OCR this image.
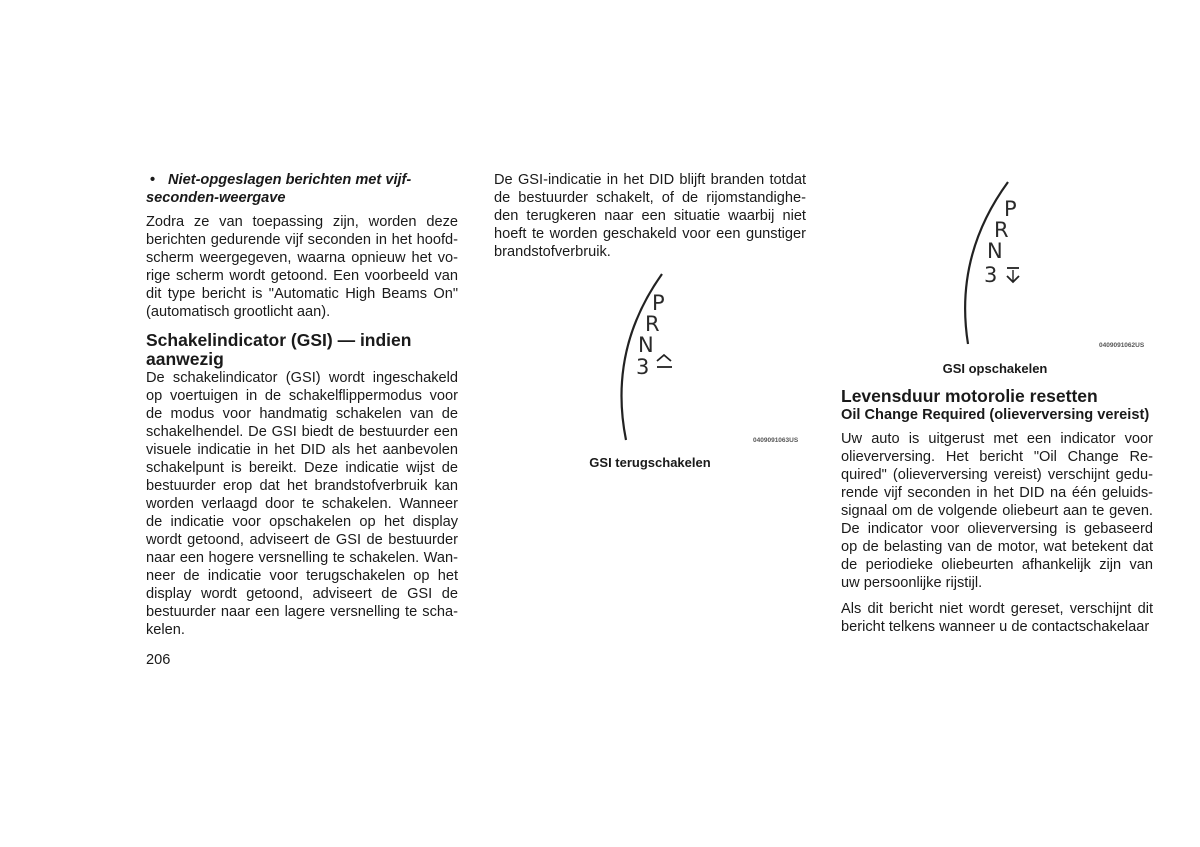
• Niet-opgeslagen berichten met vijf-
seconden-weergave

Zodra ze van toepassing zijn, worden deze berichten gedurende vijf seconden in het hoofd-scherm weergegeven, waarna opnieuw het vo-rige scherm wordt getoond. Een voorbeeld van dit type bericht is "Automatic High Beams On" (automatisch grootlicht aan).

Schakelindicator (GSI) — indien aanwezig

De schakelindicator (GSI) wordt ingeschakeld op voertuigen in de schakelflippermodus voor de modus voor handmatig schakelen van de schakelhendel. De GSI biedt de bestuurder een visuele indicatie in het DID als het aanbevolen schakelpunt is bereikt. Deze indicatie wijst de bestuurder erop dat het brandstofverbruik kan worden verlaagd door te schakelen. Wanneer de indicatie voor opschakelen op het display wordt getoond, adviseert de GSI de bestuurder naar een hogere versnelling te schakelen. Wan-neer de indicatie voor terugschakelen op het display wordt getoond, adviseert de GSI de bestuurder naar een lagere versnelling te scha-kelen.

De GSI-indicatie in het DID blijft branden totdat de bestuurder schakelt, of de rijomstandighe-den terugkeren naar een situatie waarbij niet hoeft te worden geschakeld voor een gunstiger brandstofverbruik.

P
R
N
3
0409091063US
GSI terugschakelen
P
R
N
3
0409091062US
GSI opschakelen
Levensduur motorolie resetten
Oil Change Required (olieverversing vereist)

Uw auto is uitgerust met een indicator voor olieverversing. Het bericht "Oil Change Re-quired" (olieverversing vereist) verschijnt gedu-rende vijf seconden in het DID na één geluids-signaal om de volgende oliebeurt aan te geven. De indicator voor olieverversing is gebaseerd op de belasting van de motor, wat betekent dat de periodieke oliebeurten afhankelijk zijn van uw persoonlijke rijstijl.

Als dit bericht niet wordt gereset, verschijnt dit bericht telkens wanneer u de contactschakelaar

206
